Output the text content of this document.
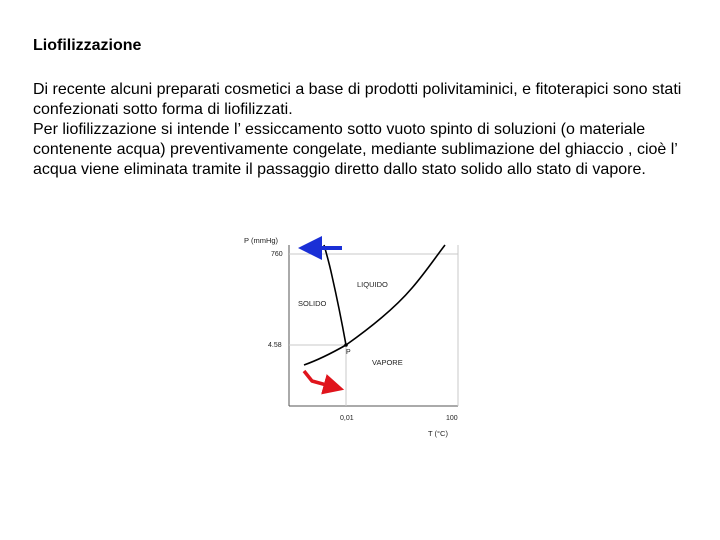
Liofilizzazione

Di recente alcuni preparati cosmetici a base di prodotti polivitaminici, e fitoterapici sono stati confezionati sotto forma di liofilizzati.

Per liofilizzazione si intende l’ essiccamento sotto vuoto spinto di soluzioni (o materiale contenente acqua) preventivamente congelate, mediante sublimazione del ghiaccio , cioè l’ acqua viene eliminata tramite il passaggio diretto dallo stato solido allo stato di vapore.

P (mmHg)
T (°C)
760
4.58
0,01	100
LIQUIDO
SOLIDO
VAPORE
P
